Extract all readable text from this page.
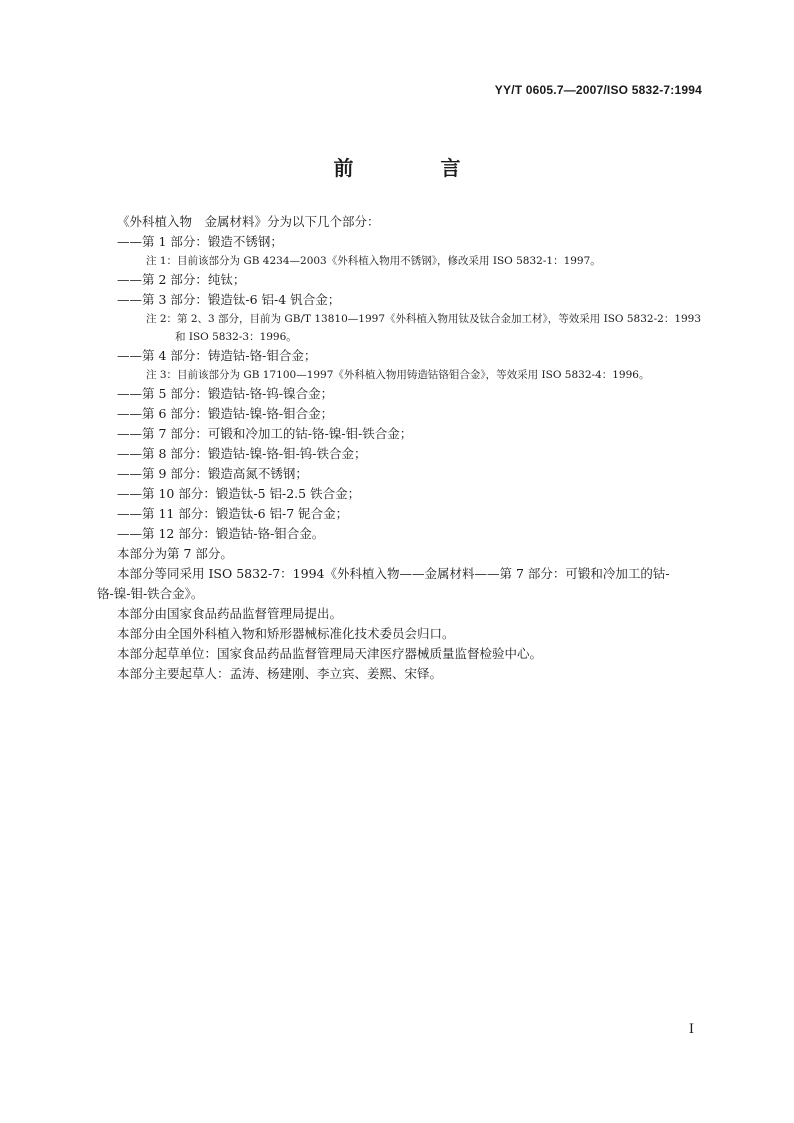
YY/T 0605.7—2007/ISO 5832-7:1994
前 言
《外科植入物　金属材料》分为以下几个部分：
——第 1 部分：锻造不锈钢；
注 1：目前该部分为 GB 4234—2003《外科植入物用不锈钢》，修改采用 ISO 5832-1：1997。
——第 2 部分：纯钛；
——第 3 部分：锻造钛-6 铝-4 钒合金；
注 2：第 2、3 部分，目前为 GB/T 13810—1997《外科植入物用钛及钛合金加工材》，等效采用 ISO 5832-2：1993
和 ISO 5832-3：1996。
——第 4 部分：铸造钴-铬-钼合金；
注 3：目前该部分为 GB 17100—1997《外科植入物用铸造钴铬钼合金》，等效采用 ISO 5832-4：1996。
——第 5 部分：锻造钴-铬-钨-镍合金；
——第 6 部分：锻造钴-镍-铬-钼合金；
——第 7 部分：可锻和冷加工的钴-铬-镍-钼-铁合金；
——第 8 部分：锻造钴-镍-铬-钼-钨-铁合金；
——第 9 部分：锻造高氮不锈钢；
——第 10 部分：锻造钛-5 铝-2.5 铁合金；
——第 11 部分：锻造钛-6 铝-7 铌合金；
——第 12 部分：锻造钴-铬-钼合金。
本部分为第 7 部分。
本部分等同采用 ISO 5832-7：1994《外科植入物——金属材料——第 7 部分：可锻和冷加工的钴-
铬-镍-钼-铁合金》。
本部分由国家食品药品监督管理局提出。
本部分由全国外科植入物和矫形器械标准化技术委员会归口。
本部分起草单位：国家食品药品监督管理局天津医疗器械质量监督检验中心。
本部分主要起草人：孟涛、杨建刚、李立宾、姜熙、宋铎。
I
